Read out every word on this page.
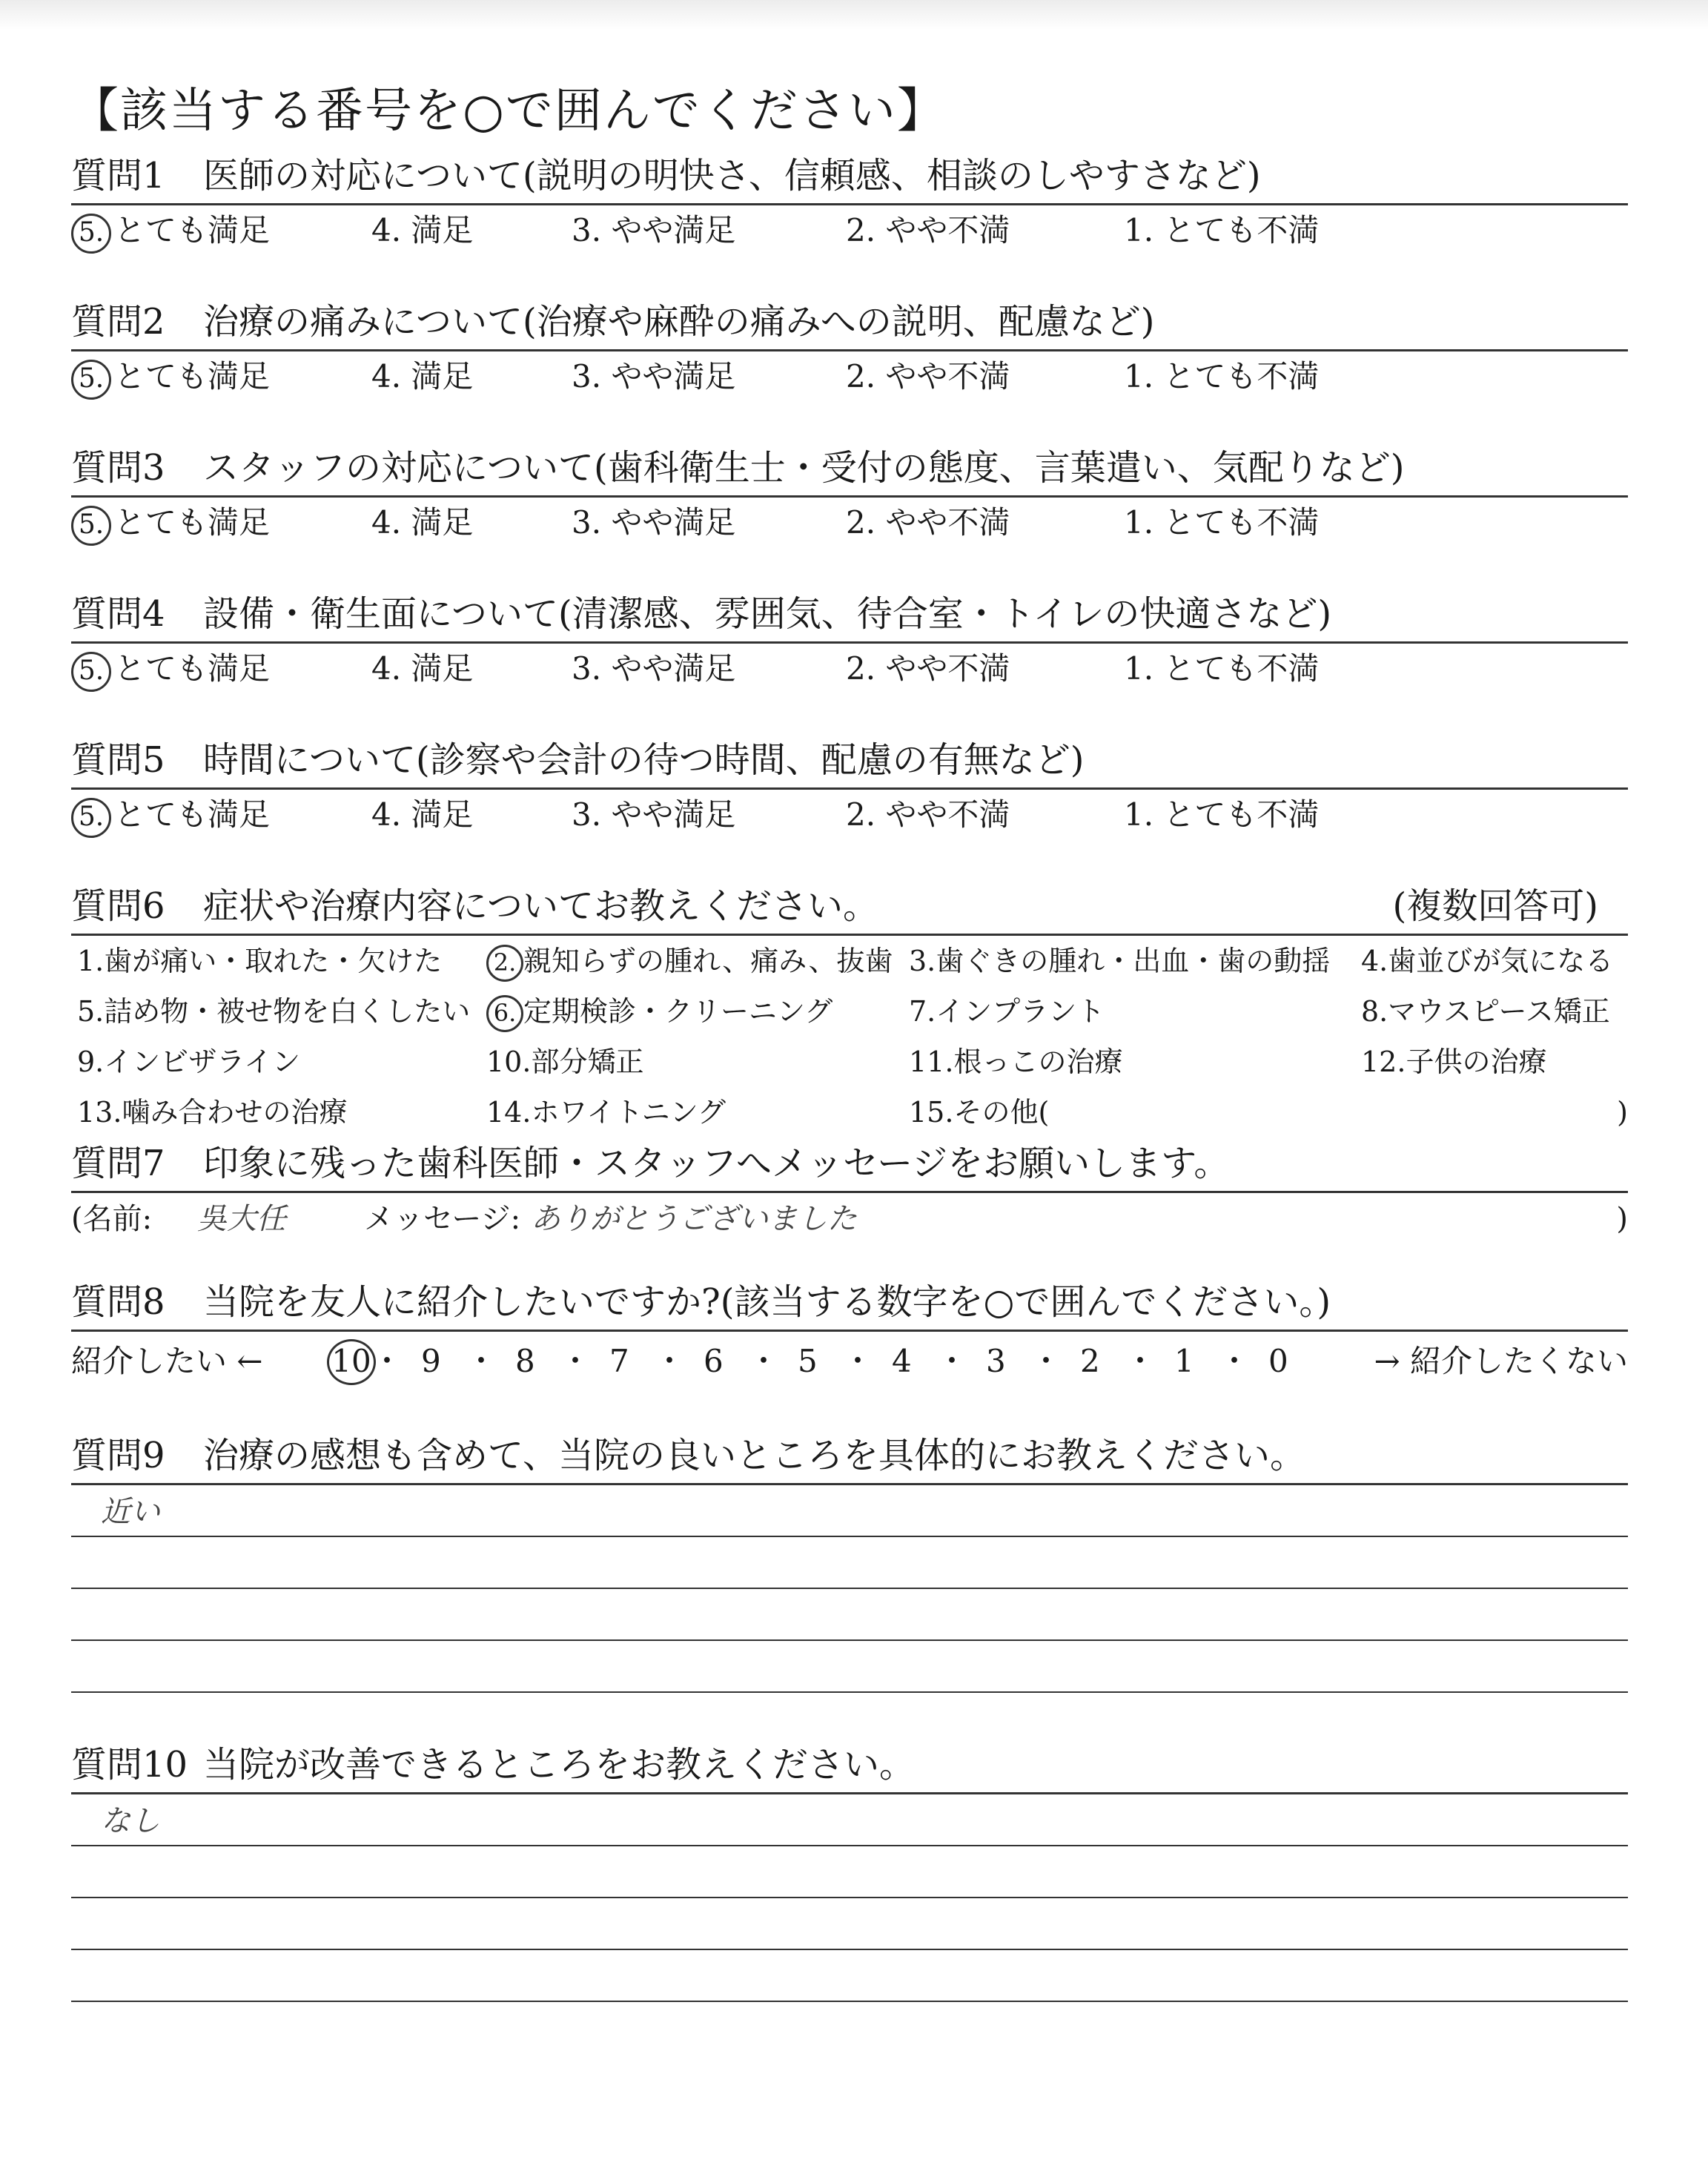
【該当する番号を○で囲んでください】
質問1 医師の対応について(説明の明快さ、信頼感、相談のしやすさなど)
5. とても満足	4. 満足	3. やや満足	2. やや不満	1. とても不満
質問2 治療の痛みについて(治療や麻酔の痛みへの説明、配慮など)
5. とても満足	4. 満足	3. やや満足	2. やや不満	1. とても不満
質問3 スタッフの対応について(歯科衛生士・受付の態度、言葉遣い、気配りなど)
5. とても満足	4. 満足	3. やや満足	2. やや不満	1. とても不満
質問4 設備・衛生面について(清潔感、雰囲気、待合室・トイレの快適さなど)
5. とても満足	4. 満足	3. やや満足	2. やや不満	1. とても不満
質問5 時間について(診察や会計の待つ時間、配慮の有無など)
5. とても満足	4. 満足	3. やや満足	2. やや不満	1. とても不満
質問6 症状や治療内容についてお教えください。	(複数回答可)
1.歯が痛い・取れた・欠けた	2. 親知らずの腫れ、痛み、抜歯 3.歯ぐきの腫れ・出血・歯の動揺 4.歯並びが気になる
5.詰め物・被せ物を白くしたい 6. 定期検診・クリーニング	7.インプラント	8.マウスピース矯正
9.インビザライン	10.部分矯正	11.根っこの治療	12.子供の治療
13.噛み合わせの治療	14.ホワイトニング	15.その他(	)
質問7 印象に残った歯科医師・スタッフへメッセージをお願いします。
(名前: 吳大任	メッセージ: ありがとうございました	)
質問8 当院を友人に紹介したいですか?(該当する数字を○で囲んでください。)
紹介したい ←	→ 紹介したくない
10 ・ 9 ・ 8 ・ 7 ・ 6 ・ 5 ・ 4 ・ 3 ・ 2 ・ 1 ・ 0
質問9 治療の感想も含めて、当院の良いところを具体的にお教えください。
近い
質問10 当院が改善できるところをお教えください。
なし
